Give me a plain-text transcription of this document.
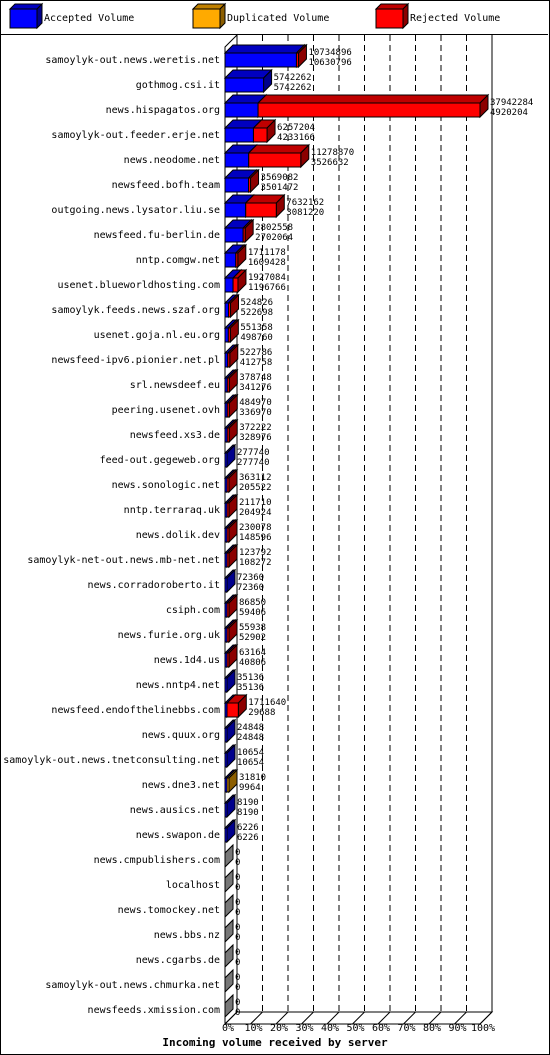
Accepted Volume	Duplicated Volume	Rejected Volume
0% 10% 20% 30% 40% 50% 60% 70% 80% 90% 100%
Incoming volume received by server
samoylyk-out.news.weretis.net
10734896
10630796
gothmog.csi.it
5742262
5742262
news.hispagatos.org
37942284
4920204
samoylyk-out.feeder.erje.net
6257204
4233166
news.neodome.net
11278870
3526632
newsfeed.bofh.team
3569082
3501472
outgoing.news.lysator.liu.se
7632162
3081220
newsfeed.fu-berlin.de
2802558
2702064
nntp.comgw.net
1711178
1609428
usenet.blueworldhosting.com
1927084
1196766
samoylyk.feeds.news.szaf.org
524826
522698
usenet.goja.nl.eu.org
551358
498760
newsfeed-ipv6.pionier.net.pl
522786
412758
srl.newsdeef.eu
378748
341276
peering.usenet.ovh
484970
336970
newsfeed.xs3.de
372222
328976
feed-out.gegeweb.org
277740
277740
news.sonologic.net
363112
205522
nntp.terraraq.uk
211710
204924
news.dolik.dev
230078
148596
samoylyk-net-out.news.mb-net.net
123792
108272
news.corradoroberto.it
72360
72360
csiph.com
86850
59406
news.furie.org.uk
55938
52902
news.1d4.us
63164
40806
news.nntp4.net
35136
35136
newsfeed.endofthelinebbs.com
1711640
29688
news.quux.org
24848
24848
samoylyk-out.news.tnetconsulting.net
10654
10654
news.dne3.net
31810
9964
news.ausics.net
8190
8190
news.swapon.de
6226
6226
news.cmpublishers.com
0
0
localhost
0
0
news.tomockey.net
0
0
news.bbs.nz
0
0
news.cgarbs.de
0
0
samoylyk-out.news.chmurka.net
0
0
newsfeeds.xmission.com
0
0
